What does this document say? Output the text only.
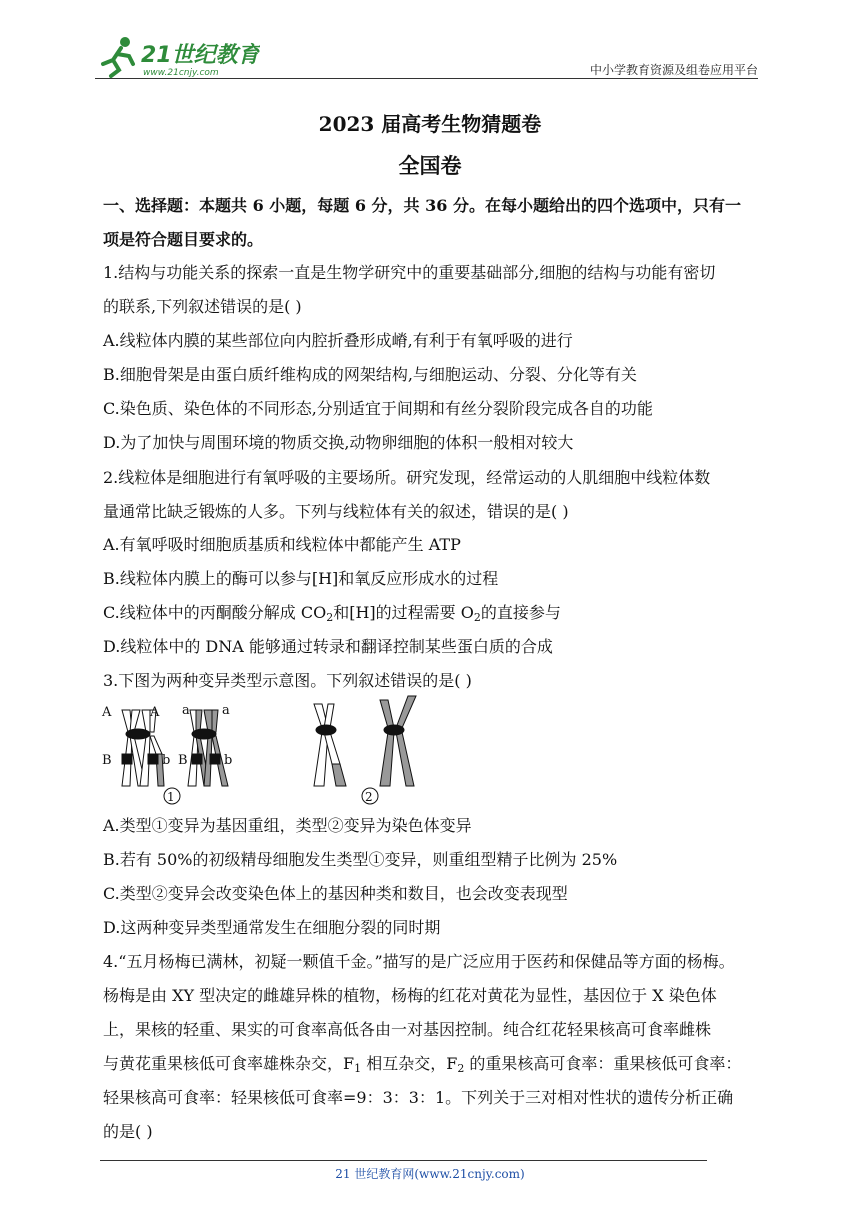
21世纪教育
www.21cnjy.com	中小学教育资源及组卷应用平台
2023 届高考生物猜题卷
全国卷
一、选择题：本题共 6 小题，每题 6 分，共 36 分。在每小题给出的四个选项中，只有一
项是符合题目要求的。
1.结构与功能关系的探索一直是生物学研究中的重要基础部分,细胞的结构与功能有密切
的联系,下列叙述错误的是( )
A.线粒体内膜的某些部位向内腔折叠形成嵴,有利于有氧呼吸的进行
B.细胞骨架是由蛋白质纤维构成的网架结构,与细胞运动、分裂、分化等有关
C.染色质、染色体的不同形态,分别适宜于间期和有丝分裂阶段完成各自的功能
D.为了加快与周围环境的物质交换,动物卵细胞的体积一般相对较大
2.线粒体是细胞进行有氧呼吸的主要场所。研究发现，经常运动的人肌细胞中线粒体数
量通常比缺乏锻炼的人多。下列与线粒体有关的叙述，错误的是( )
A.有氧呼吸时细胞质基质和线粒体中都能产生 ATP
B.线粒体内膜上的酶可以参与[H]和氧反应形成水的过程
C.线粒体中的丙酮酸分解成 $CO_2$和[H]的过程需要 $O_2$的直接参与
D.线粒体中的 DNA 能够通过转录和翻译控制某些蛋白质的合成
3.下图为两种变异类型示意图。下列叙述错误的是( )
A	A a a
B	b B	b
1	2
A.类型①变异为基因重组，类型②变异为染色体变异
B.若有 50%的初级精母细胞发生类型①变异，则重组型精子比例为 25%
C.类型②变异会改变染色体上的基因种类和数目，也会改变表现型
D.这两种变异类型通常发生在细胞分裂的同时期
4.“五月杨梅已满林，初疑一颗值千金。”描写的是广泛应用于医药和保健品等方面的杨梅。
杨梅是由 XY 型决定的雌雄异株的植物，杨梅的红花对黄花为显性，基因位于 X 染色体
上，果核的轻重、果实的可食率高低各由一对基因控制。纯合红花轻果核高可食率雌株
与黄花重果核低可食率雄株杂交，$F_1$ 相互杂交，$F_2$ 的重果核高可食率：重果核低可食率：
轻果核高可食率：轻果核低可食率=9：3：3：1。下列关于三对相对性状的遗传分析正确
的是( )
21 世纪教育网(www.21cnjy.com)
